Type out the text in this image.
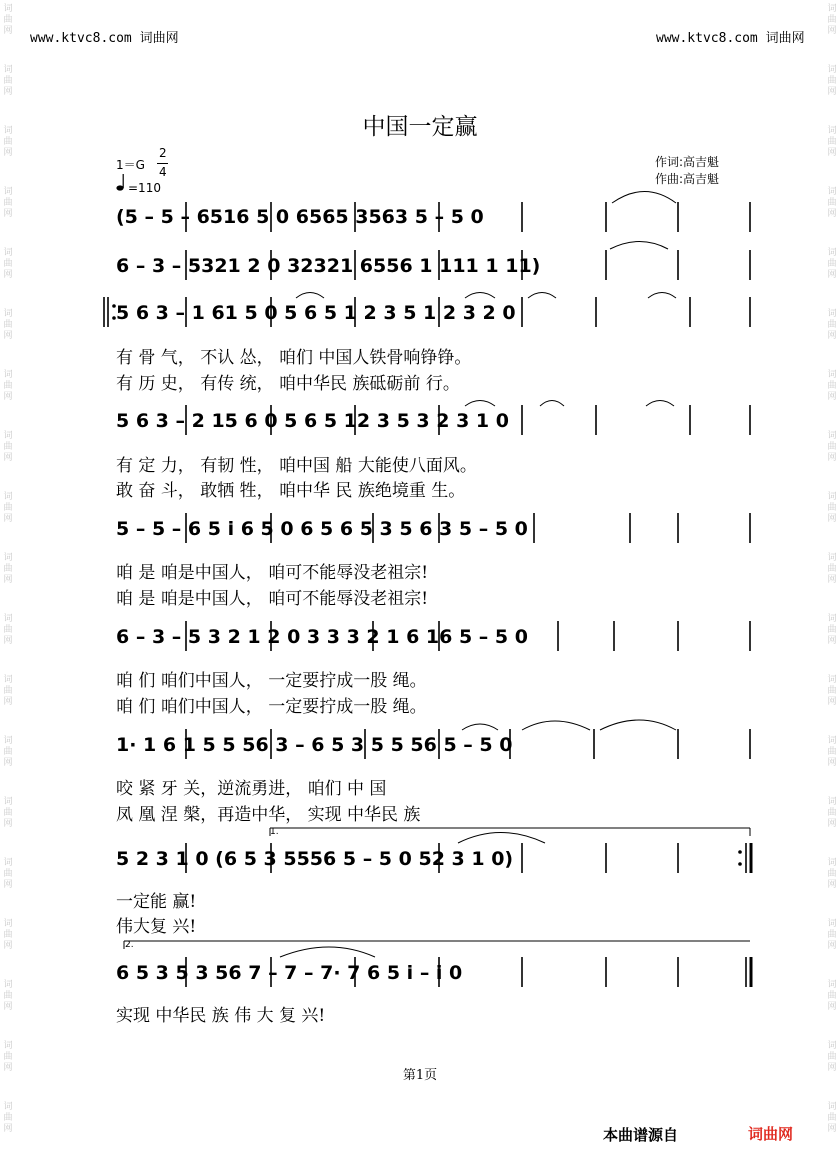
词
曲
网
词
曲
网
词
曲
网
词
曲
网
词
曲
网
词
曲
网
词
曲
网
词
曲
网
词
曲
网
词
曲
网
词
曲
网
词
曲
网
词
曲
网
词
曲
网
词
曲
网
词
曲
网
词
曲
网
词
曲
网
词
曲
网
词
曲
网
词
曲
网
词
曲
网
词
曲
网
词
曲
网
词
曲
网
词
曲
网
词
曲
网
词
曲
网
词
曲
网
词
曲
网
词
曲
网
词
曲
网
词
曲
网
词
曲
网
词
曲
网
词
曲
网
词
曲
网
词
曲
网
www.ktvc8.com 词曲网	www.ktvc8.com 词曲网
中国一定赢
1＝G
2
4
=110
作词:高吉魁
作曲:高吉魁
(5 – 5 – 6516 5 0 6565 3563 5 – 5 0
6 – 3 – 5321 2 0 32321 6556 1 111 1 11)
5 6 3 – 1 61 5 0 5 6 5 1 2 3 5 1 2 3 2 0
有 骨 气， 不认 怂， 咱们 中国人铁骨响铮铮。
有 历 史， 有传 统， 咱中华民 族砥砺前 行。
5 6 3 – 2 15 6 0 5 6 5 12 3 5 3 2 3 1 0
有 定 力， 有韧 性， 咱中国 船 大能使八面风。
敢 奋 斗， 敢牺 牲， 咱中华 民 族绝境重 生。
5 – 5 – 6 5 i 6 5 0 6 5 6 5 3 5 6 3 5 – 5 0
咱 是 咱是中国人， 咱可不能辱没老祖宗!
咱 是 咱是中国人， 咱可不能辱没老祖宗!
6 – 3 – 5 3 2 1 2 0 3 3 3 2 1 6 16 5 – 5 0
咱 们 咱们中国人， 一定要拧成一股 绳。
咱 们 咱们中国人， 一定要拧成一股 绳。
1· 1 6 1 5 5 56 3 – 6 5 3 5 5 56 5 – 5 0
咬 紧 牙 关，逆流勇进， 咱们 中 国
凤 凰 涅 槃，再造中华， 实现 中华民 族
1.
5 2 3 1 0 (6 5 3 5556 5 – 5 0 52 3 1 0)
一定能 赢!
伟大复 兴!
2.
6 5 3 5 3 56 7 – 7 – 7· 7 6 5 i – i 0
实现 中华民 族 伟 大 复 兴!
第1页
本曲谱源自	词曲网
